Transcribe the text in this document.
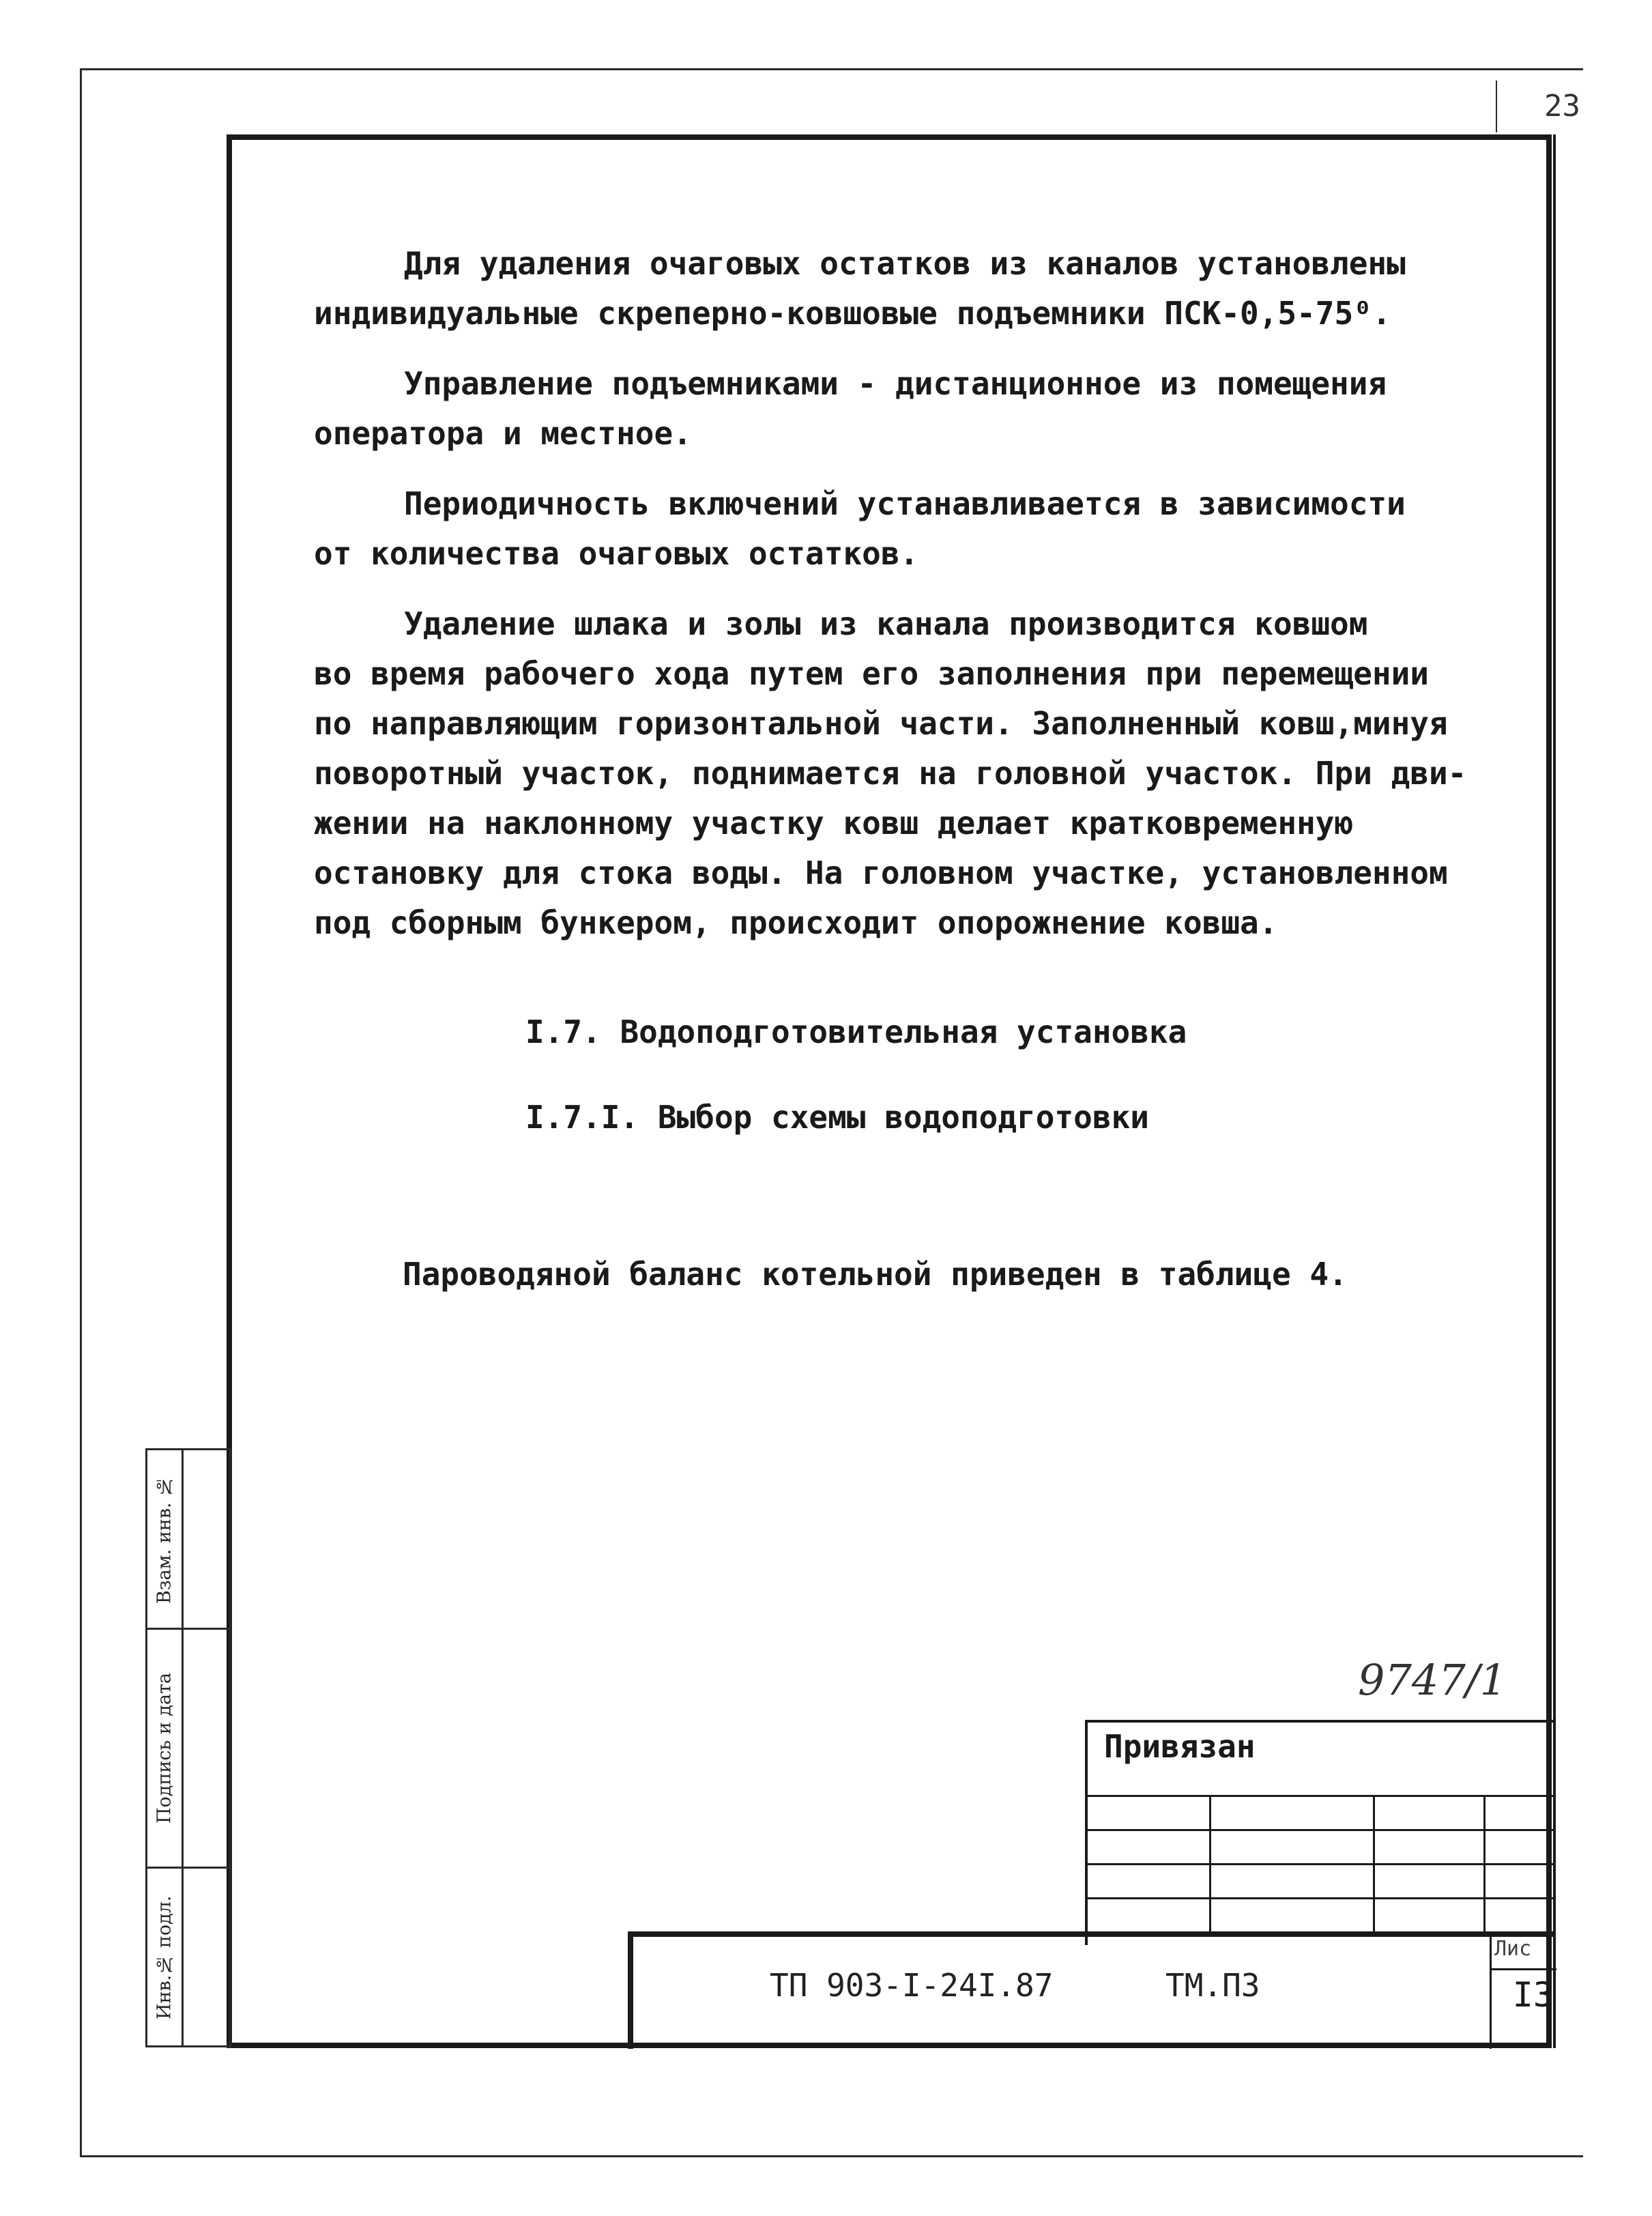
23

Для удаления очаговых остатков из каналов установлены
индивидуальные скреперно-ковшовые подъемники ПСК-0,5-75⁰.

Управление подъемниками - дистанционное из помещения
оператора и местное.

Периодичность включений устанавливается в зависимости
от количества очаговых остатков.

Удаление шлака и золы из канала производится ковшом
во время рабочего хода путем его заполнения при перемещении
по направляющим горизонтальной части. Заполненный ковш,минуя
поворотный участок, поднимается на головной участок. При дви-
жении на наклонному участку ковш делает кратковременную
остановку для стока воды. На головном участке, установленном
под сборным бункером, происходит опорожнение ковша.

I.7. Водоподготовительная установка
I.7.I. Выбор схемы водоподготовки
Пароводяной баланс котельной приведен в таблице 4.
Взам. инв. №
Подпись и дата
Инв.№ подл.
9747/1
Привязан
ТП 903-I-24I.87	ТМ.ПЗ
Лис
I3
